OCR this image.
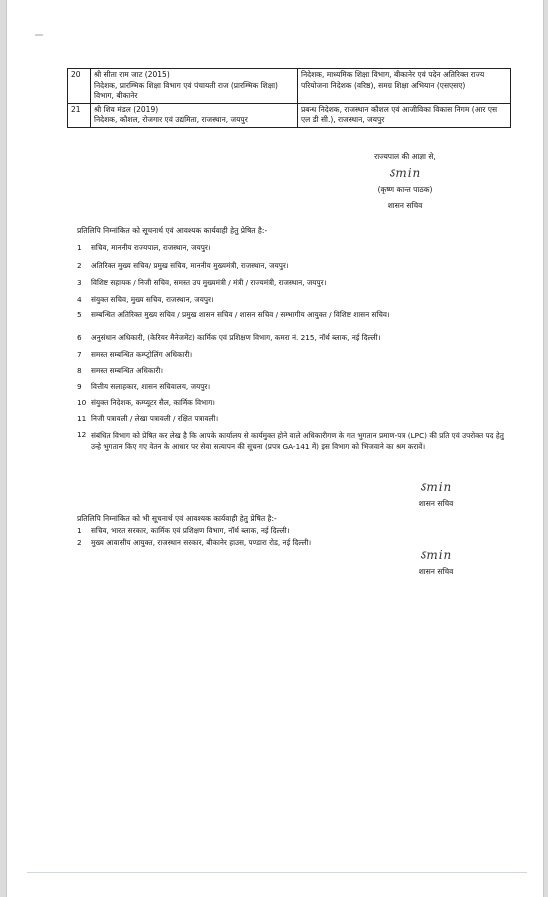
20	श्री सीता राम जाट (2015)
निदेशक, प्रारम्भिक शिक्षा विभाग एवं पंचायती राज (प्रारम्भिक शिक्षा) विभाग, बीकानेर	निदेशक, माध्यमिक शिक्षा विभाग, बीकानेर एवं पदेन अतिरिक्त राज्य परियोजना निदेशक (वरिष्ठ), समग्र शिक्षा अभियान (एसएसए)
21	श्री शिव मंडल (2019)
निदेशक, कौशल, रोजगार एवं उद्यमिता, राजस्थान, जयपुर	प्रबन्ध निदेशक, राजस्थान कौशल एवं आजीविका विकास निगम (आर एस एल डी सी.), राजस्थान, जयपुर
राज्यपाल की आज्ञा से,
ऽmin
(कृष्ण कान्त पाठक)
शासन सचिव
प्रतिलिपि निम्नांकित को सूचनार्थ एवं आवश्यक कार्यवाही हेतु प्रेषित है:-
1 सचिव, माननीय राज्यपाल, राजस्थान, जयपुर।
2 अतिरिक्त मुख्य सचिव/ प्रमुख सचिव, माननीय मुख्यमंत्री, राजस्थान, जयपुर।
3 विशिष्ट सहायक / निजी सचिव, समस्त उप मुख्यमंत्री / मंत्री / राज्यमंत्री, राजस्थान, जयपुर।
4 संयुक्त सचिव, मुख्य सचिव, राजस्थान, जयपुर।
5 सम्बन्धित अतिरिक्त मुख्य सचिव / प्रमुख शासन सचिव / शासन सचिव / सम्भागीय आयुक्त / विशिष्ट शासन सचिव।
6 अनुसंधान अधिकारी, (केरियर मैनेजमेंट) कार्मिक एवं प्रशिक्षण विभाग, कमरा नं. 215, नॉर्थ ब्लाक, नई दिल्ली।
7 समस्त सम्बन्धित कम्प्ट्रोलिंग अधिकारी।
8 समस्त सम्बन्धित अधिकारी।
9 वित्तीय सलाहकार, शासन सचिवालय, जयपुर।
10 संयुक्त निदेशक, कम्प्यूटर सैल, कार्मिक विभाग।
11 निजी पत्रावली / लेखा पत्रावली / रक्षित पत्रावली।
12 संबंधित विभाग को प्रेषित कर लेख है कि आपके कार्यालय से कार्यमुक्त होने वाले अधिकारीगण के गत भुगतान प्रमाण-पत्र (LPC) की प्रति एवं उपरोक्त पद हेतु उन्हे भुगतान किए गए वेतन के आधार पर सेवा सत्यापन की सूचना (प्रपत्र GA-141 में) इस विभाग को भिजवाने का श्रम करावें।
ऽmin
शासन सचिव
प्रतिलिपि निम्नांकित को भी सूचनार्थ एवं आवश्यक कार्यवाही हेतु प्रेषित है:-
1 सचिव, भारत सरकार, कार्मिक एवं प्रशिक्षण विभाग, नॉर्थ ब्लाक, नई दिल्ली।
2 मुख्य आवासीय आयुक्त, राजस्थान सरकार, बीकानेर हाउस, पण्डारा रोड, नई दिल्ली।
ऽmin
शासन सचिव
